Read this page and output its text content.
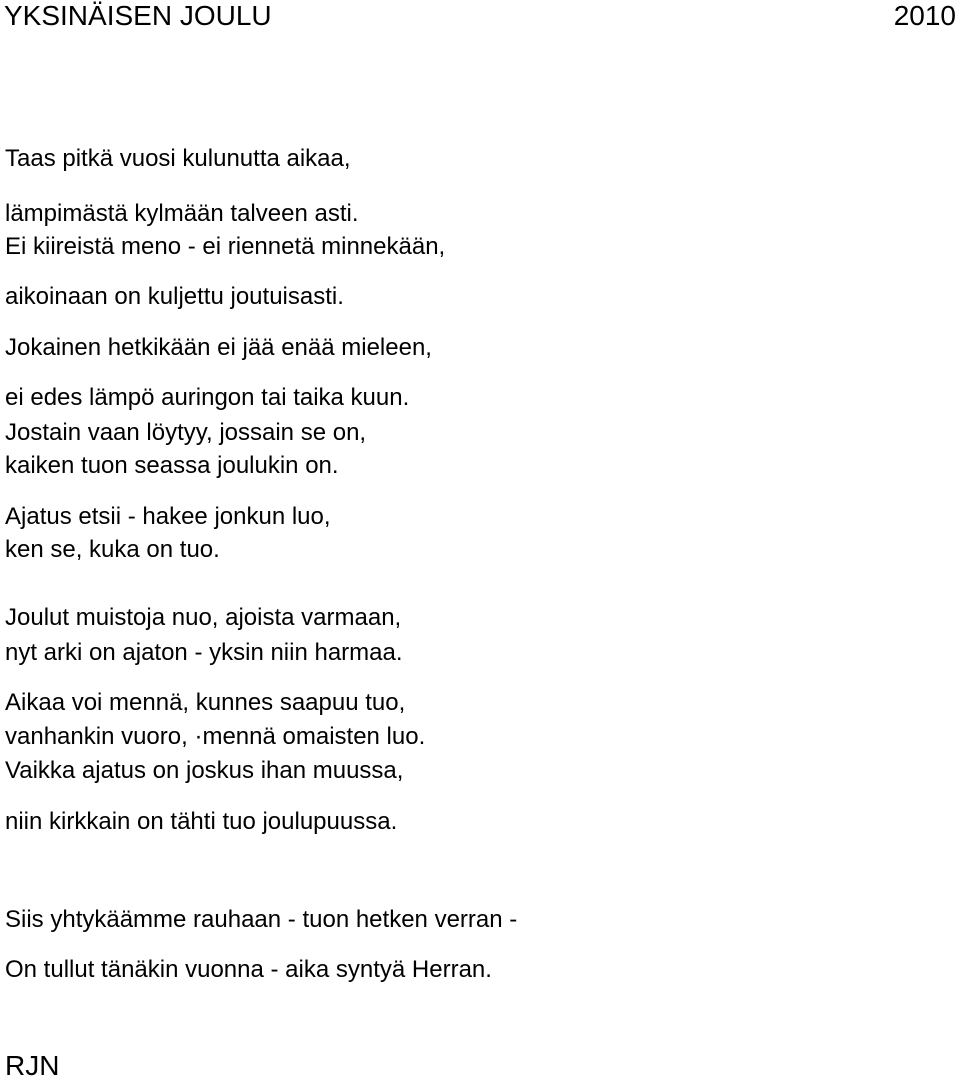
YKSINÄISEN JOULU	2010
Taas pitkä vuosi kulunutta aikaa,
lämpimästä kylmään talveen asti.
Ei kiireistä meno - ei riennetä minnekään,
aikoinaan on kuljettu joutuisasti.
Jokainen hetkikään ei jää enää mieleen,
ei edes lämpö auringon tai taika kuun.
Jostain vaan löytyy, jossain se on,
kaiken tuon seassa joulukin on.
Ajatus etsii - hakee jonkun luo,
ken se, kuka on tuo.
Joulut muistoja nuo, ajoista varmaan,
nyt arki on ajaton - yksin niin harmaa.
Aikaa voi mennä, kunnes saapuu tuo,
vanhankin vuoro, ·mennä omaisten luo.
Vaikka ajatus on joskus ihan muussa,
niin kirkkain on tähti tuo joulupuussa.
Siis yhtykäämme rauhaan - tuon hetken verran -
On tullut tänäkin vuonna - aika syntyä Herran.
RJN
